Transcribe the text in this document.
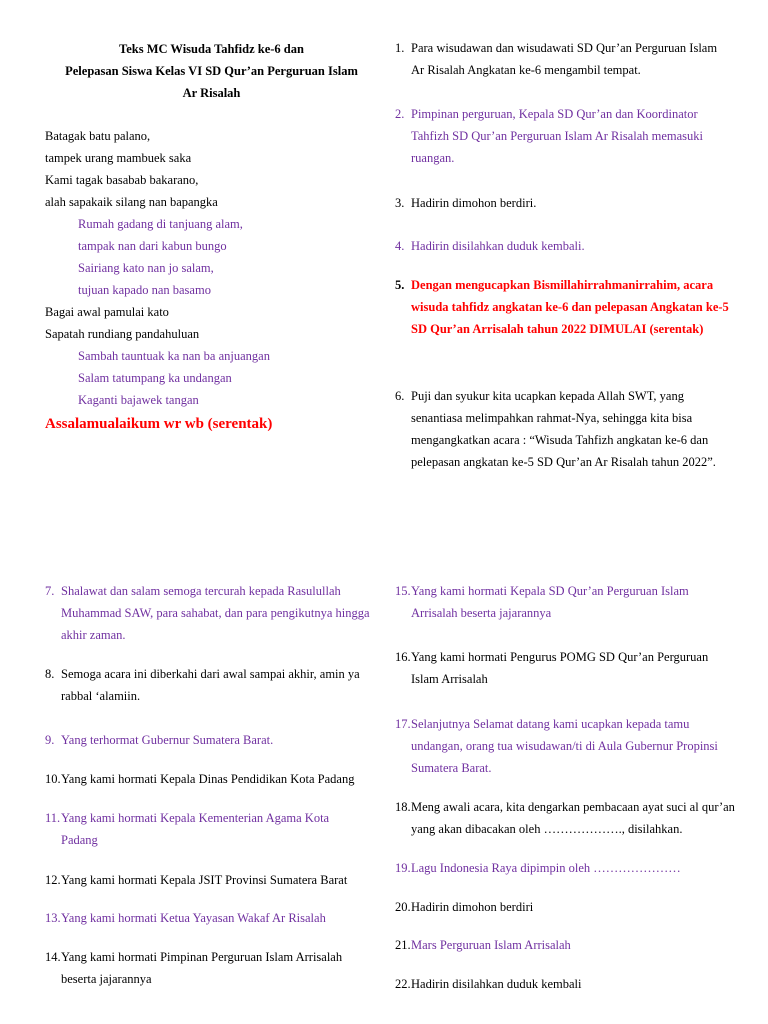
Teks MC Wisuda Tahfidz ke-6 dan
Pelepasan Siswa Kelas VI SD Qur’an Perguruan Islam
Ar Risalah
Batagak batu palano,
tampek urang mambuek saka
Kami tagak basabab bakarano,
alah sapakaik silang nan bapangka
Rumah gadang di tanjuang alam,
tampak nan dari kabun bungo
Sairiang kato nan jo salam,
tujuan kapado nan basamo
Bagai awal pamulai kato
Sapatah rundiang pandahuluan
Sambah tauntuak ka nan ba anjuangan
Salam tatumpang ka undangan
Kaganti bajawek tangan
Assalamualaikum wr wb (serentak)
1. Para wisudawan dan wisudawati SD Qur’an Perguruan Islam Ar Risalah Angkatan ke-6 mengambil tempat.
2. Pimpinan perguruan, Kepala SD Qur’an dan Koordinator Tahfizh SD Qur’an Perguruan Islam Ar Risalah memasuki ruangan.
3. Hadirin dimohon berdiri.
4. Hadirin disilahkan duduk kembali.
5. Dengan mengucapkan Bismillahirrahmanirrahim, acara wisuda tahfidz angkatan ke-6 dan pelepasan Angkatan ke-5 SD Qur’an Arrisalah tahun 2022 DIMULAI (serentak)
6. Puji dan syukur kita ucapkan kepada Allah SWT, yang senantiasa melimpahkan rahmat-Nya, sehingga kita bisa mengangkatkan acara : “Wisuda Tahfizh angkatan ke-6 dan pelepasan angkatan ke-5 SD Qur’an Ar Risalah tahun 2022”.
7. Shalawat dan salam semoga tercurah kepada Rasulullah Muhammad SAW, para sahabat, dan para pengikutnya hingga akhir zaman.
8. Semoga acara ini diberkahi dari awal sampai akhir, amin ya rabbal ‘alamiin.
9. Yang terhormat Gubernur Sumatera Barat.
10. Yang kami hormati Kepala Dinas Pendidikan Kota Padang
11. Yang kami hormati Kepala Kementerian Agama Kota Padang
12. Yang kami hormati Kepala JSIT Provinsi Sumatera Barat
13. Yang kami hormati Ketua Yayasan Wakaf Ar Risalah
14. Yang kami hormati Pimpinan Perguruan Islam Arrisalah beserta jajarannya
15. Yang kami hormati Kepala SD Qur’an Perguruan Islam Arrisalah beserta jajarannya
16. Yang kami hormati Pengurus POMG SD Qur’an Perguruan Islam Arrisalah
17. Selanjutnya Selamat datang kami ucapkan kepada tamu undangan, orang tua wisudawan/ti di Aula Gubernur Propinsi Sumatera Barat.
18. Meng awali acara, kita dengarkan pembacaan ayat suci al qur’an yang akan dibacakan oleh ………………., disilahkan.
19. Lagu Indonesia Raya dipimpin oleh …………………
20. Hadirin dimohon berdiri
21. Mars Perguruan Islam Arrisalah
22. Hadirin disilahkan duduk kembali
